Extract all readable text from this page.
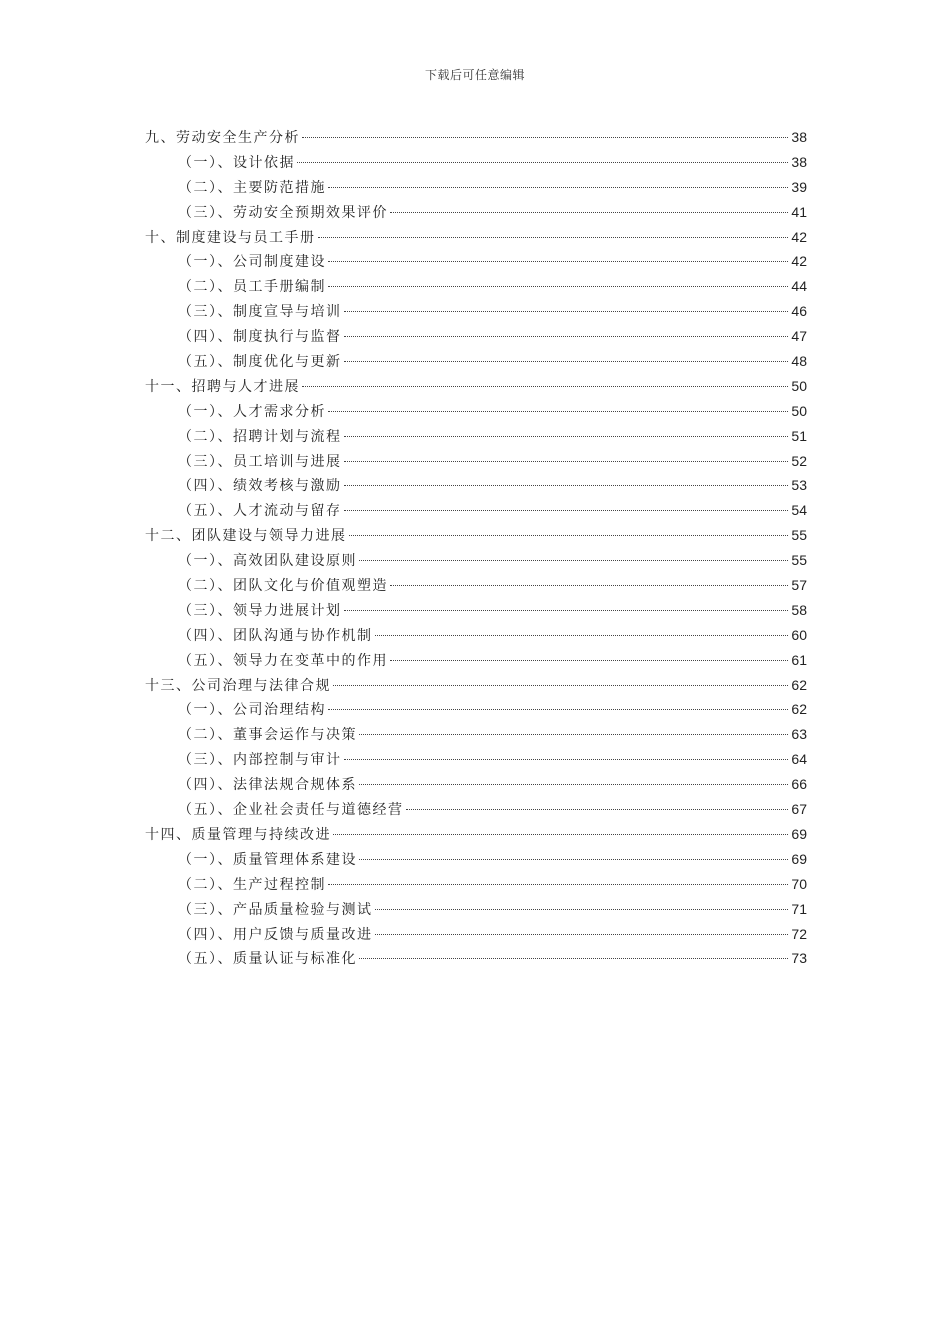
下载后可任意编辑
九、劳动安全生产分析	38
（一）、设计依据	38
（二）、主要防范措施	39
（三）、劳动安全预期效果评价	41
十、制度建设与员工手册	42
（一）、公司制度建设	42
（二）、员工手册编制	44
（三）、制度宣导与培训	46
（四）、制度执行与监督	47
（五）、制度优化与更新	48
十一、招聘与人才进展	50
（一）、人才需求分析	50
（二）、招聘计划与流程	51
（三）、员工培训与进展	52
（四）、绩效考核与激励	53
（五）、人才流动与留存	54
十二、团队建设与领导力进展	55
（一）、高效团队建设原则	55
（二）、团队文化与价值观塑造	57
（三）、领导力进展计划	58
（四）、团队沟通与协作机制	60
（五）、领导力在变革中的作用	61
十三、公司治理与法律合规	62
（一）、公司治理结构	62
（二）、董事会运作与决策	63
（三）、内部控制与审计	64
（四）、法律法规合规体系	66
（五）、企业社会责任与道德经营	67
十四、质量管理与持续改进	69
（一）、质量管理体系建设	69
（二）、生产过程控制	70
（三）、产品质量检验与测试	71
（四）、用户反馈与质量改进	72
（五）、质量认证与标准化	73
